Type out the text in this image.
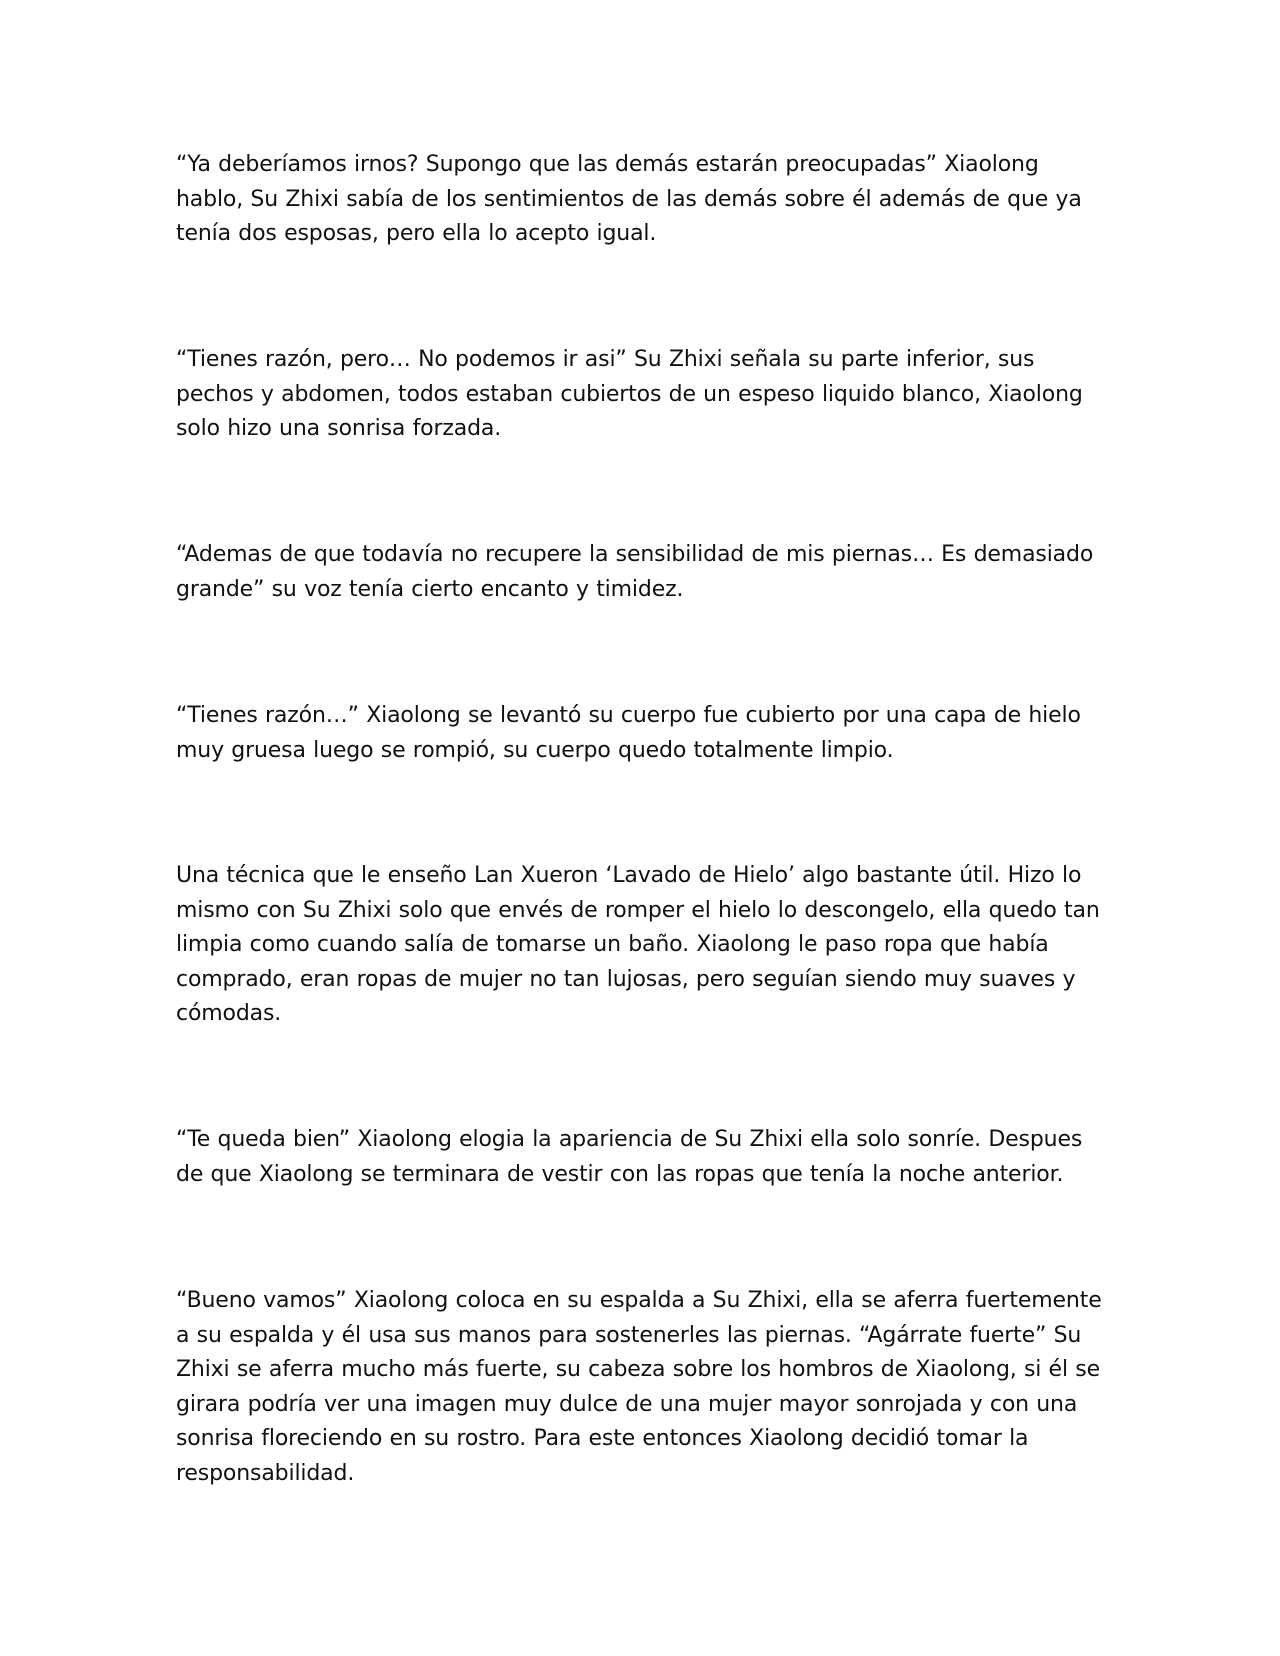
“Ya deberíamos irnos? Supongo que las demás estarán preocupadas” Xiaolong hablo, Su Zhixi sabía de los sentimientos de las demás sobre él además de que ya tenía dos esposas, pero ella lo acepto igual.

“Tienes razón, pero… No podemos ir asi” Su Zhixi señala su parte inferior, sus pechos y abdomen, todos estaban cubiertos de un espeso liquido blanco, Xiaolong solo hizo una sonrisa forzada.

“Ademas de que todavía no recupere la sensibilidad de mis piernas… Es demasiado grande” su voz tenía cierto encanto y timidez.

“Tienes razón…” Xiaolong se levantó su cuerpo fue cubierto por una capa de hielo muy gruesa luego se rompió, su cuerpo quedo totalmente limpio.

Una técnica que le enseño Lan Xueron ‘Lavado de Hielo’ algo bastante útil. Hizo lo mismo con Su Zhixi solo que envés de romper el hielo lo descongelo, ella quedo tan limpia como cuando salía de tomarse un baño. Xiaolong le paso ropa que había comprado, eran ropas de mujer no tan lujosas, pero seguían siendo muy suaves y cómodas.

“Te queda bien” Xiaolong elogia la apariencia de Su Zhixi ella solo sonríe. Despues de que Xiaolong se terminara de vestir con las ropas que tenía la noche anterior.

“Bueno vamos” Xiaolong coloca en su espalda a Su Zhixi, ella se aferra fuertemente a su espalda y él usa sus manos para sostenerles las piernas. “Agárrate fuerte” Su Zhixi se aferra mucho más fuerte, su cabeza sobre los hombros de Xiaolong, si él se girara podría ver una imagen muy dulce de una mujer mayor sonrojada y con una sonrisa floreciendo en su rostro. Para este entonces Xiaolong decidió tomar la responsabilidad.
